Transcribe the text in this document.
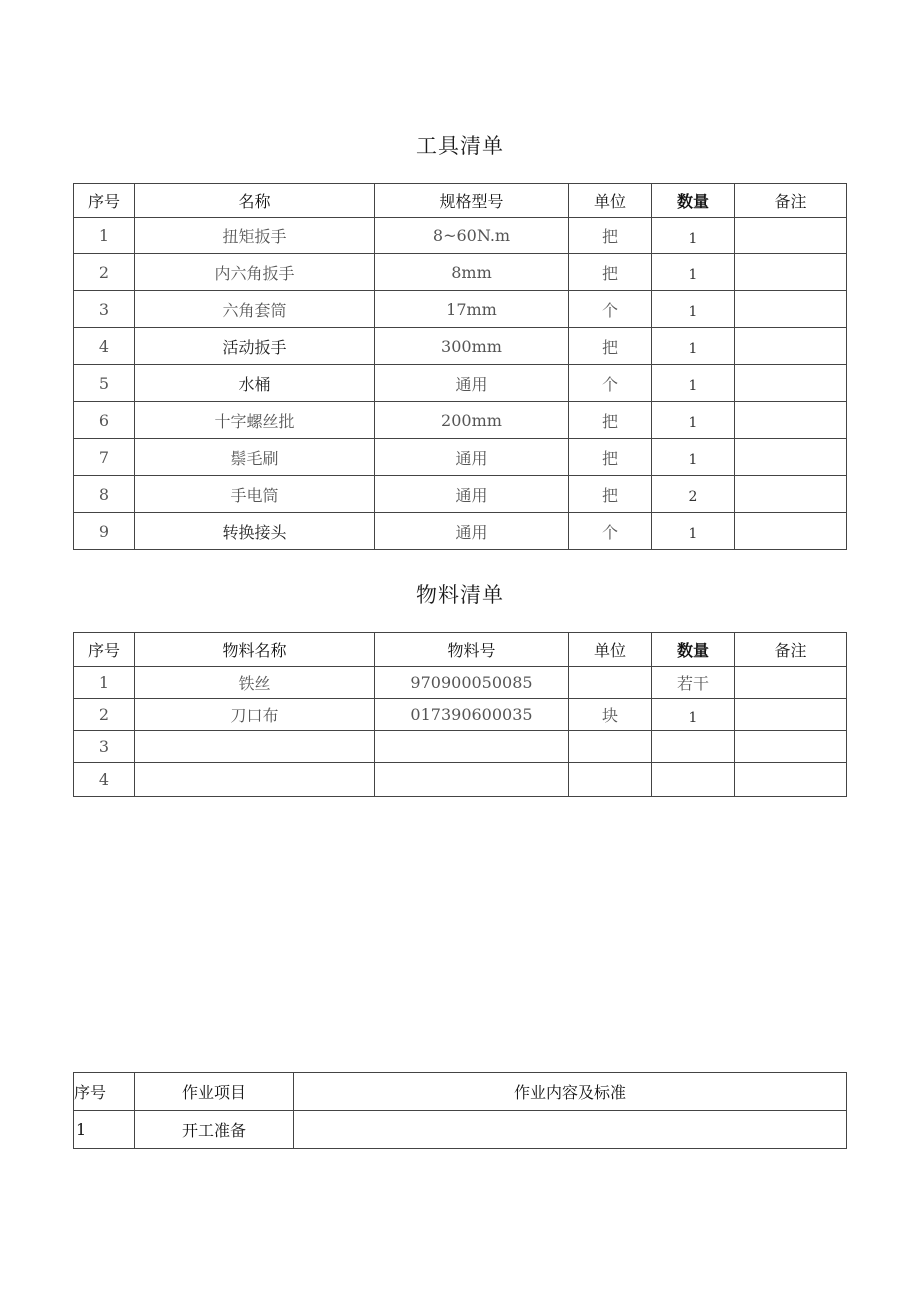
工具清单
序号	名称	规格型号	单位	数量	备注
1	扭矩扳手	8~60N.m	把	1	
2	内六角扳手	8mm	把	1	
3	六角套筒	17mm	个	1	
4	活动扳手	300mm	把	1	
5	水桶	通用	个	1	
6	十字螺丝批	200mm	把	1	
7	鬃毛刷	通用	把	1	
8	手电筒	通用	把	2	
9	转换接头	通用	个	1	
物料清单
序号	物料名称	物料号	单位	数量	备注
1	铁丝	970900050085		若干	
2	刀口布	017390600035	块	1	
3					
4					
序号	作业项目	作业内容及标准
1	开工准备	
